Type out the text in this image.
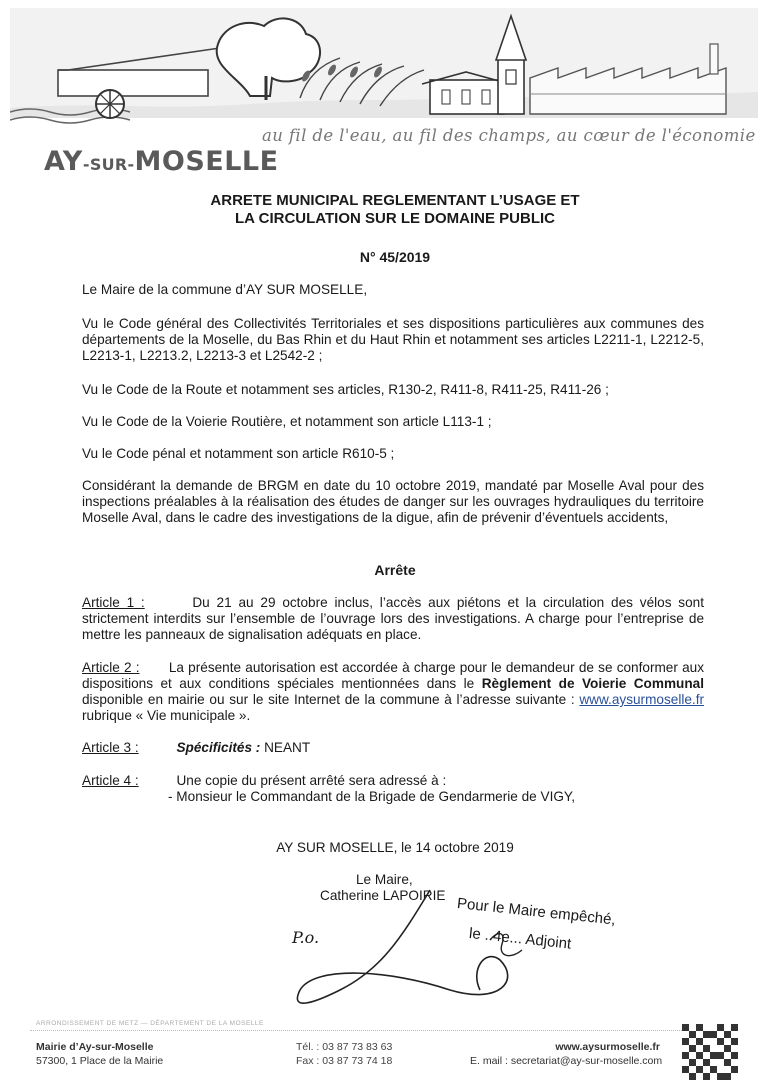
au fil de l'eau, au fil des champs, au cœur de l'économie
AY-SUR-MOSELLE
ARRETE MUNICIPAL REGLEMENTANT L’USAGE ET
LA CIRCULATION SUR LE DOMAINE PUBLIC
N° 45/2019
Le Maire de la commune d’AY SUR MOSELLE,
Vu le Code général des Collectivités Territoriales et ses dispositions particulières aux communes des départements de la Moselle, du Bas Rhin et du Haut Rhin et notamment ses articles L2211-1, L2212-5, L2213-1, L2213.2, L2213-3 et L2542-2 ;
Vu le Code de la Route et notamment ses articles, R130-2, R411-8, R411-25, R411-26 ;
Vu le Code de la Voierie Routière, et notamment son article L113-1 ;
Vu le Code pénal et notamment son article R610-5 ;
Considérant la demande de BRGM en date du 10 octobre 2019, mandaté par Moselle Aval pour des inspections préalables à la réalisation des études de danger sur les ouvrages hydrauliques du territoire Moselle Aval, dans le cadre des investigations de la digue, afin de prévenir d’éventuels accidents,
Arrête
Article 1 :	Du 21 au 29 octobre inclus, l’accès aux piétons et la circulation des vélos sont strictement interdits sur l’ensemble de l’ouvrage lors des investigations. A charge pour l’entreprise de mettre les panneaux de signalisation adéquats en place.
Article 2 : La présente autorisation est accordée à charge pour le demandeur de se conformer aux dispositions et aux conditions spéciales mentionnées dans le Règlement de Voierie Communal disponible en mairie ou sur le site Internet de la commune à l’adresse suivante : www.aysurmoselle.fr rubrique « Vie municipale ».
Article 3 :	Spécificités : NEANT
Article 4 :	Une copie du présent arrêté sera adressé à :
- Monsieur le Commandant de la Brigade de Gendarmerie de VIGY,
AY SUR MOSELLE, le 14 octobre 2019
Le Maire,
Catherine LAPOIRIE
P.o.
Pour le Maire empêché,
le ..4e... Adjoint
ARRONDISSEMENT DE METZ — DÉPARTEMENT DE LA MOSELLE
Mairie d’Ay-sur-Moselle
57300, 1 Place de la Mairie
Tél. : 03 87 73 83 63
Fax : 03 87 73 74 18
www.aysurmoselle.fr
E. mail : secretariat@ay-sur-moselle.com
